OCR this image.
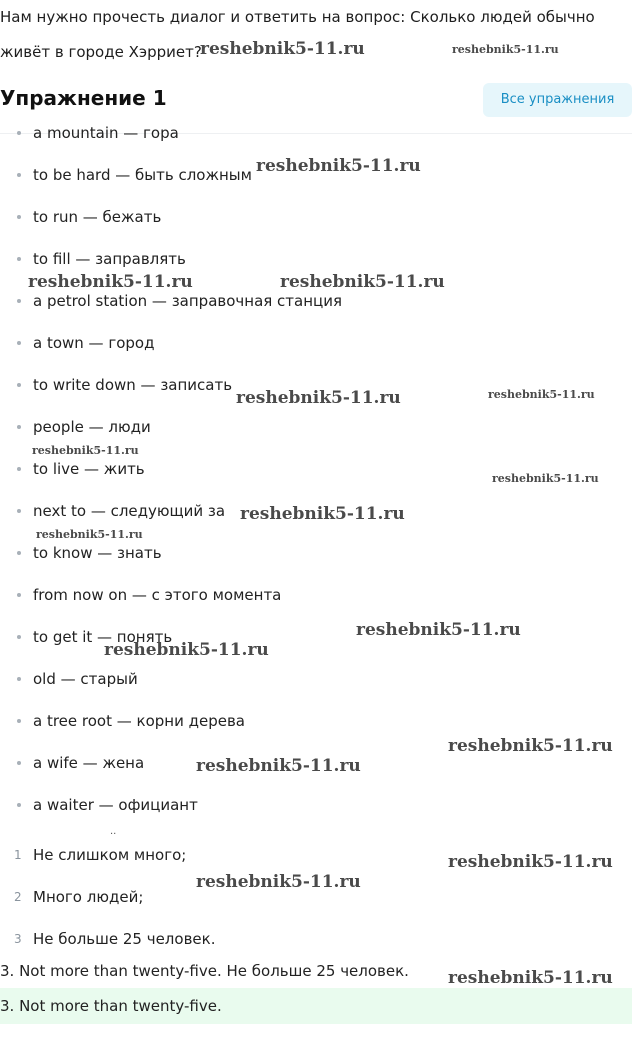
Нам нужно прочесть диалог и ответить на вопрос: Сколько людей обычно
живёт в городе Хэрриет?
Упражнение 1	Все упражнения
a mountain — гора
to be hard — быть сложным
to run — бежать
to fill — заправлять
a petrol station — заправочная станция
a town — город
to write down — записать
people — люди
to live — жить
next to — следующий за
to know — знать
from now on — с этого момента
to get it — понять
old — старый
a tree root — корни дерева
a wife — жена
a waiter — официант
..
1 Не слишком много;
2 Много людей;
3 Не больше 25 человек.
3. Not more than twenty-five. Не больше 25 человек.
3. Not more than twenty-five.
reshebnik5-11.ru	reshebnik5-11.ru
reshebnik5-11.ru
reshebnik5-11.ru	reshebnik5-11.ru
reshebnik5-11.ru	reshebnik5-11.ru
reshebnik5-11.ru
reshebnik5-11.ru
reshebnik5-11.ru
reshebnik5-11.ru
reshebnik5-11.ru
reshebnik5-11.ru
reshebnik5-11.ru
reshebnik5-11.ru
reshebnik5-11.ru
reshebnik5-11.ru
reshebnik5-11.ru
